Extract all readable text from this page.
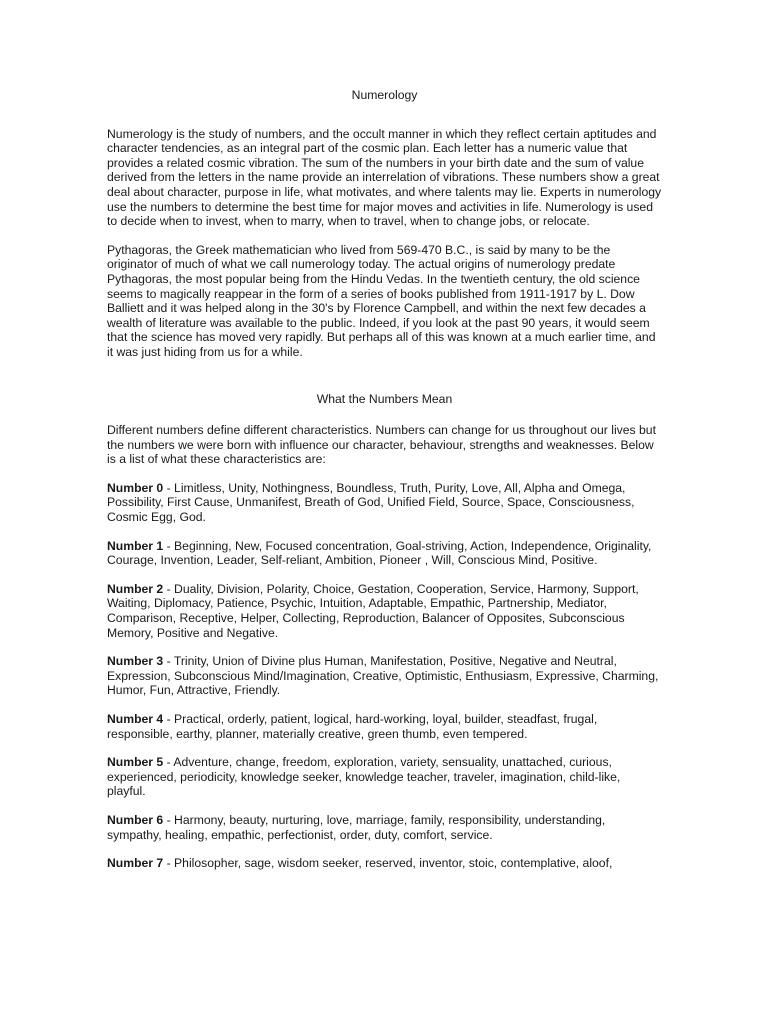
Numerology

Numerology is the study of numbers, and the occult manner in which they reflect certain aptitudes and character tendencies, as an integral part of the cosmic plan. Each letter has a numeric value that provides a related cosmic vibration. The sum of the numbers in your birth date and the sum of value derived from the letters in the name provide an interrelation of vibrations. These numbers show a great deal about character, purpose in life, what motivates, and where talents may lie. Experts in numerology use the numbers to determine the best time for major moves and activities in life. Numerology is used to decide when to invest, when to marry, when to travel, when to change jobs, or relocate.

Pythagoras, the Greek mathematician who lived from 569-470 B.C., is said by many to be the originator of much of what we call numerology today. The actual origins of numerology predate Pythagoras, the most popular being from the Hindu Vedas. In the twentieth century, the old science seems to magically reappear in the form of a series of books published from 1911-1917 by L. Dow Balliett and it was helped along in the 30's by Florence Campbell, and within the next few decades a wealth of literature was available to the public. Indeed, if you look at the past 90 years, it would seem that the science has moved very rapidly. But perhaps all of this was known at a much earlier time, and it was just hiding from us for a while.

What the Numbers Mean

Different numbers define different characteristics. Numbers can change for us throughout our lives but the numbers we were born with influence our character, behaviour, strengths and weaknesses. Below is a list of what these characteristics are:

Number 0 - Limitless, Unity, Nothingness, Boundless, Truth, Purity, Love, All, Alpha and Omega, Possibility, First Cause, Unmanifest, Breath of God, Unified Field, Source, Space, Consciousness, Cosmic Egg, God.

Number 1 - Beginning, New, Focused concentration, Goal-striving, Action, Independence, Originality, Courage, Invention, Leader, Self-reliant, Ambition, Pioneer , Will, Conscious Mind, Positive.

Number 2 - Duality, Division, Polarity, Choice, Gestation, Cooperation, Service, Harmony, Support, Waiting, Diplomacy, Patience, Psychic, Intuition, Adaptable, Empathic, Partnership, Mediator, Comparison, Receptive, Helper, Collecting, Reproduction, Balancer of Opposites, Subconscious Memory, Positive and Negative.

Number 3 - Trinity, Union of Divine plus Human, Manifestation, Positive, Negative and Neutral, Expression, Subconscious Mind/Imagination, Creative, Optimistic, Enthusiasm, Expressive, Charming, Humor, Fun, Attractive, Friendly.

Number 4 - Practical, orderly, patient, logical, hard-working, loyal, builder, steadfast, frugal, responsible, earthy, planner, materially creative, green thumb, even tempered.

Number 5 - Adventure, change, freedom, exploration, variety, sensuality, unattached, curious, experienced, periodicity, knowledge seeker, knowledge teacher, traveler, imagination, child-like, playful.

Number 6 - Harmony, beauty, nurturing, love, marriage, family, responsibility, understanding, sympathy, healing, empathic, perfectionist, order, duty, comfort, service.

Number 7 - Philosopher, sage, wisdom seeker, reserved, inventor, stoic, contemplative, aloof,
